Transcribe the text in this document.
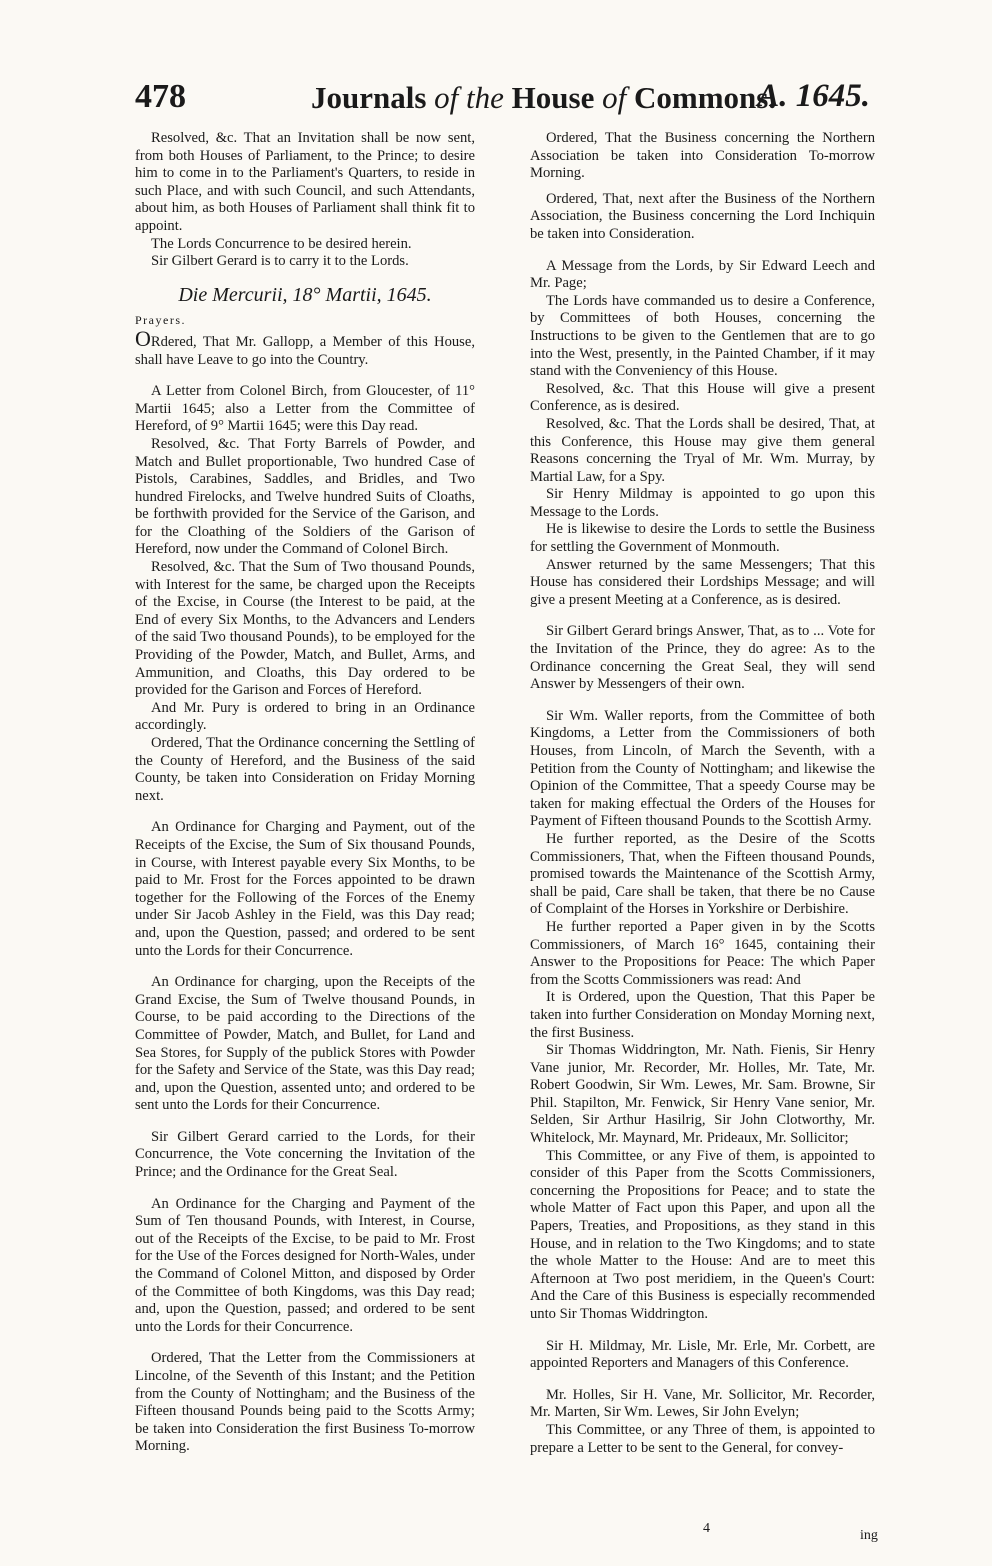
478	Journals of the House of Commons.
A. 1645.

Resolved, &c. That an Invitation shall be now sent, from both Houses of Parliament, to the Prince; to desire him to come in to the Parliament's Quarters, to reside in such Place, and with such Council, and such Attendants, about him, as both Houses of Parliament shall think fit to appoint.

The Lords Concurrence to be desired herein.

Sir Gilbert Gerard is to carry it to the Lords.

Die Mercurii, 18° Martii, 1645.

Prayers.

ORdered, That Mr. Gallopp, a Member of this House, shall have Leave to go into the Country.

A Letter from Colonel Birch, from Gloucester, of 11° Martii 1645; also a Letter from the Committee of Hereford, of 9° Martii 1645; were this Day read.

Resolved, &c. That Forty Barrels of Powder, and Match and Bullet proportionable, Two hundred Case of Pistols, Carabines, Saddles, and Bridles, and Two hundred Firelocks, and Twelve hundred Suits of Cloaths, be forthwith provided for the Service of the Garison, and for the Cloathing of the Soldiers of the Garison of Hereford, now under the Command of Colonel Birch.

Resolved, &c. That the Sum of Two thousand Pounds, with Interest for the same, be charged upon the Receipts of the Excise, in Course (the Interest to be paid, at the End of every Six Months, to the Advancers and Lenders of the said Two thousand Pounds), to be employed for the Providing of the Powder, Match, and Bullet, Arms, and Ammunition, and Cloaths, this Day ordered to be provided for the Garison and Forces of Hereford.

And Mr. Pury is ordered to bring in an Ordinance accordingly.

Ordered, That the Ordinance concerning the Settling of the County of Hereford, and the Business of the said County, be taken into Consideration on Friday Morning next.

An Ordinance for Charging and Payment, out of the Receipts of the Excise, the Sum of Six thousand Pounds, in Course, with Interest payable every Six Months, to be paid to Mr. Frost for the Forces appointed to be drawn together for the Following of the Forces of the Enemy under Sir Jacob Ashley in the Field, was this Day read; and, upon the Question, passed; and ordered to be sent unto the Lords for their Concurrence.

An Ordinance for charging, upon the Receipts of the Grand Excise, the Sum of Twelve thousand Pounds, in Course, to be paid according to the Directions of the Committee of Powder, Match, and Bullet, for Land and Sea Stores, for Supply of the publick Stores with Powder for the Safety and Service of the State, was this Day read; and, upon the Question, assented unto; and ordered to be sent unto the Lords for their Concurrence.

Sir Gilbert Gerard carried to the Lords, for their Concurrence, the Vote concerning the Invitation of the Prince; and the Ordinance for the Great Seal.

An Ordinance for the Charging and Payment of the Sum of Ten thousand Pounds, with Interest, in Course, out of the Receipts of the Excise, to be paid to Mr. Frost for the Use of the Forces designed for North-Wales, under the Command of Colonel Mitton, and disposed by Order of the Committee of both Kingdoms, was this Day read; and, upon the Question, passed; and ordered to be sent unto the Lords for their Concurrence.

Ordered, That the Letter from the Commissioners at Lincolne, of the Seventh of this Instant; and the Petition from the County of Nottingham; and the Business of the Fifteen thousand Pounds being paid to the Scotts Army; be taken into Consideration the first Business To-morrow Morning.

Ordered, That the Business concerning the Northern Association be taken into Consideration To-morrow Morning.

Ordered, That, next after the Business of the Northern Association, the Business concerning the Lord Inchiquin be taken into Consideration.

A Message from the Lords, by Sir Edward Leech and Mr. Page;

The Lords have commanded us to desire a Conference, by Committees of both Houses, concerning the Instructions to be given to the Gentlemen that are to go into the West, presently, in the Painted Chamber, if it may stand with the Conveniency of this House.

Resolved, &c. That this House will give a present Conference, as is desired.

Resolved, &c. That the Lords shall be desired, That, at this Conference, this House may give them general Reasons concerning the Tryal of Mr. Wm. Murray, by Martial Law, for a Spy.

Sir Henry Mildmay is appointed to go upon this Message to the Lords.

He is likewise to desire the Lords to settle the Business for settling the Government of Monmouth.

Answer returned by the same Messengers; That this House has considered their Lordships Message; and will give a present Meeting at a Conference, as is desired.

Sir Gilbert Gerard brings Answer, That, as to ... Vote for the Invitation of the Prince, they do agree: As to the Ordinance concerning the Great Seal, they will send Answer by Messengers of their own.

Sir Wm. Waller reports, from the Committee of both Kingdoms, a Letter from the Commissioners of both Houses, from Lincoln, of March the Seventh, with a Petition from the County of Nottingham; and likewise the Opinion of the Committee, That a speedy Course may be taken for making effectual the Orders of the Houses for Payment of Fifteen thousand Pounds to the Scottish Army.

He further reported, as the Desire of the Scotts Commissioners, That, when the Fifteen thousand Pounds, promised towards the Maintenance of the Scottish Army, shall be paid, Care shall be taken, that there be no Cause of Complaint of the Horses in Yorkshire or Derbishire.

He further reported a Paper given in by the Scotts Commissioners, of March 16° 1645, containing their Answer to the Propositions for Peace: The which Paper from the Scotts Commissioners was read: And

It is Ordered, upon the Question, That this Paper be taken into further Consideration on Monday Morning next, the first Business.

Sir Thomas Widdrington, Mr. Nath. Fienis, Sir Henry Vane junior, Mr. Recorder, Mr. Holles, Mr. Tate, Mr. Robert Goodwin, Sir Wm. Lewes, Mr. Sam. Browne, Sir Phil. Stapilton, Mr. Fenwick, Sir Henry Vane senior, Mr. Selden, Sir Arthur Hasilrig, Sir John Clotworthy, Mr. Whitelock, Mr. Maynard, Mr. Prideaux, Mr. Sollicitor;

This Committee, or any Five of them, is appointed to consider of this Paper from the Scotts Commissioners, concerning the Propositions for Peace; and to state the whole Matter of Fact upon this Paper, and upon all the Papers, Treaties, and Propositions, as they stand in this House, and in relation to the Two Kingdoms; and to state the whole Matter to the House: And are to meet this Afternoon at Two post meridiem, in the Queen's Court: And the Care of this Business is especially recommended unto Sir Thomas Widdrington.

Sir H. Mildmay, Mr. Lisle, Mr. Erle, Mr. Corbett, are appointed Reporters and Managers of this Conference.

Mr. Holles, Sir H. Vane, Mr. Sollicitor, Mr. Recorder, Mr. Marten, Sir Wm. Lewes, Sir John Evelyn;

This Committee, or any Three of them, is appointed to prepare a Letter to be sent to the General, for convey-

4	ing
